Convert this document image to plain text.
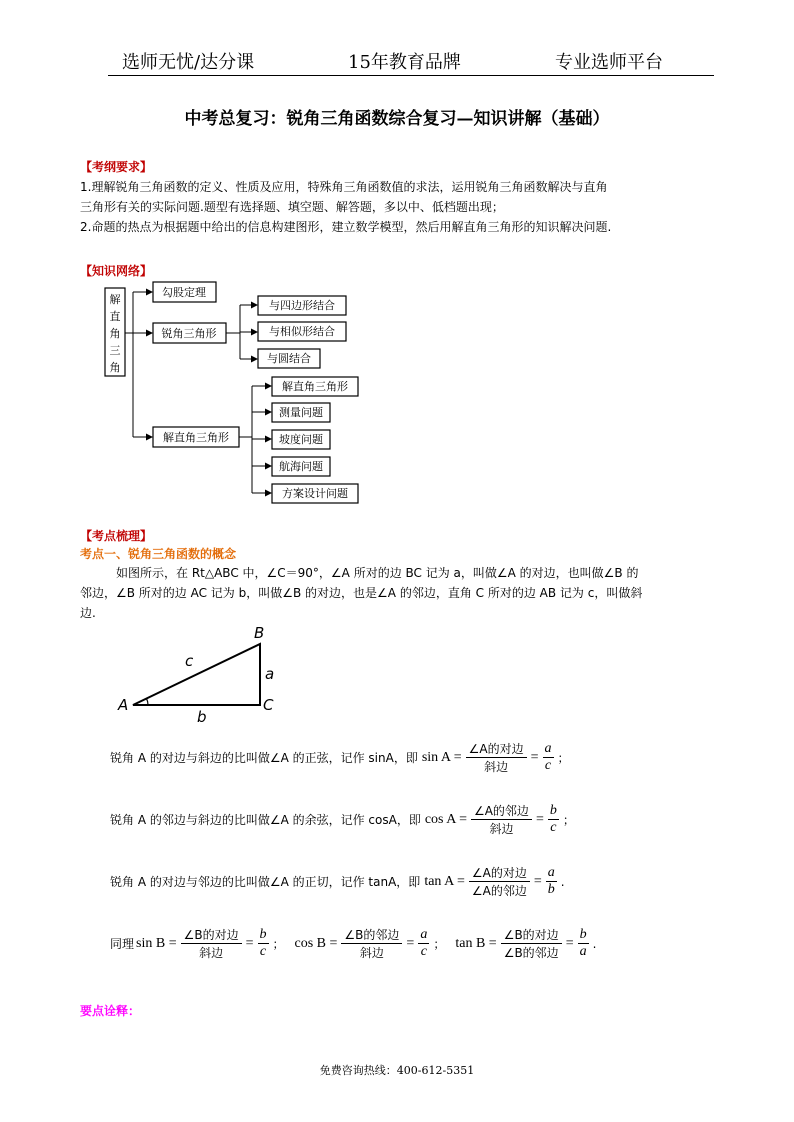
选师无忧/达分课	15年教育品牌	专业选师平台
中考总复习：锐角三角函数综合复习—知识讲解（基础）
【考纲要求】
1.理解锐角三角函数的定义、性质及应用，特殊角三角函数值的求法，运用锐角三角函数解决与直角
三角形有关的实际问题.题型有选择题、填空题、解答题，多以中、低档题出现；
2.命题的热点为根据题中给出的信息构建图形，建立数学模型，然后用解直角三角形的知识解决问题.
【知识网络】
解
直
角
三
角
勾股定理
锐角三角形
解直角三角形
与四边形结合
与相似形结合
与圆结合
解直角三角形
测量问题
坡度问题
航海问题
方案设计问题
【考点梳理】
考点一、锐角三角函数的概念
如图所示，在 Rt△ABC 中，∠C＝90°，∠A 所对的边 BC 记为 a，叫做∠A 的对边，也叫做∠B 的
邻边，∠B 所对的边 AC 记为 b，叫做∠B 的对边，也是∠A 的邻边，直角 C 所对的边 AB 记为 c，叫做斜
边.
A
B
C
a
b
c
锐角 A 的对边与斜边的比叫做∠A 的正弦，记作 sinA，即 sin A =
∠A的对边
斜边
= $\frac{a}{c}$ ；
锐角 A 的邻边与斜边的比叫做∠A 的余弦，记作 cosA，即 cos A =
∠A的邻边
斜边
= $\frac{b}{c}$ ；
锐角 A 的对边与邻边的比叫做∠A 的正切，记作 tanA，即 tan A =
∠A的对边
∠A的邻边
= $\frac{a}{b}$ .
同理 sin B =
∠B的对边
斜边
= $\frac{b}{c}$ ； cos B =
∠B的邻边
斜边
= $\frac{a}{c}$ ； tan B =
∠B的对边
∠B的邻边
= $\frac{b}{a}$ .
要点诠释：
免费咨询热线：400-612-5351
